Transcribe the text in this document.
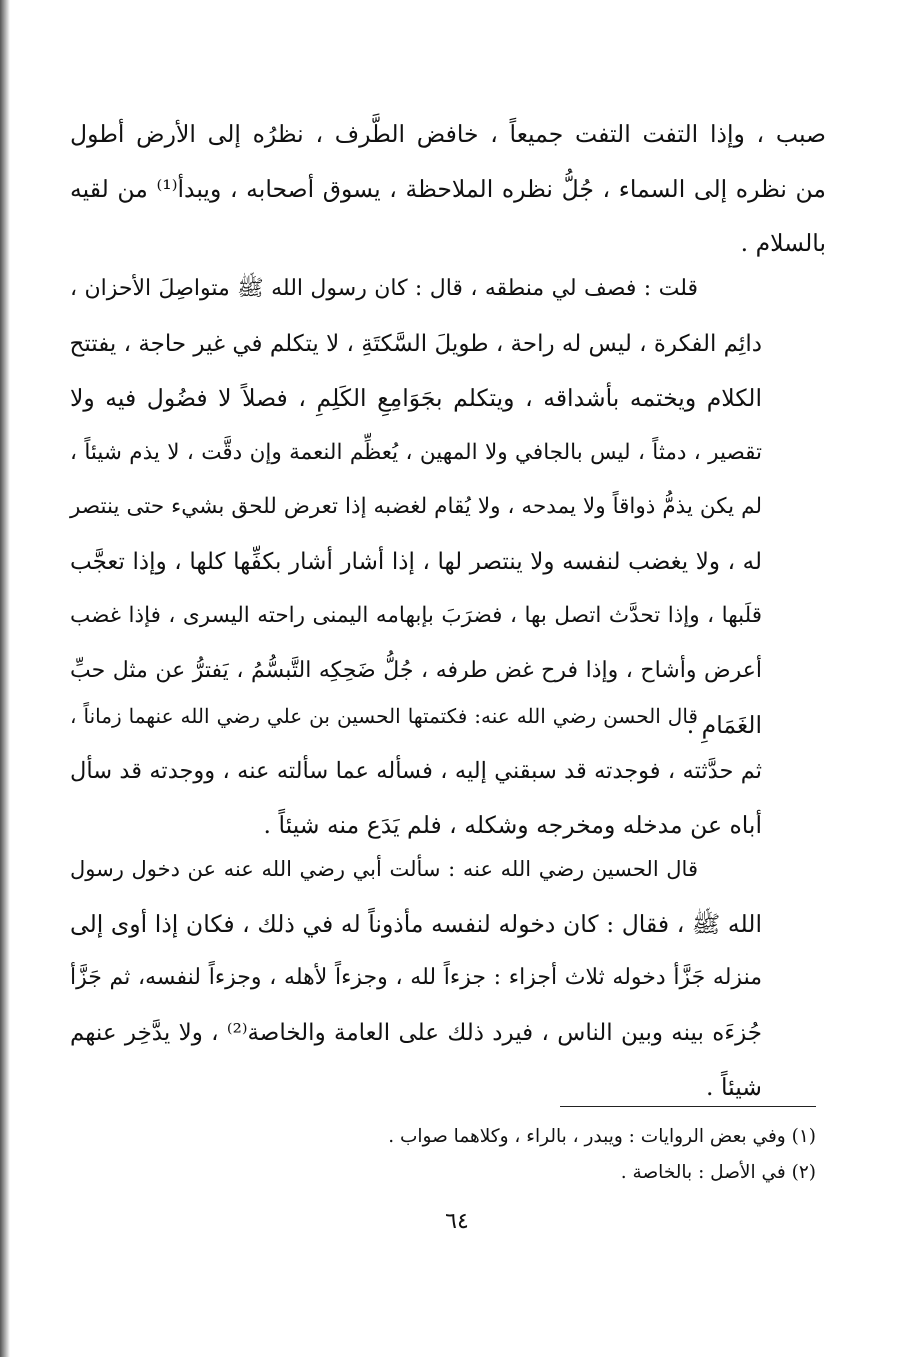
صبب ، وإذا التفت التفت جميعاً ، خافض الطَّرف ، نظرُه إلى الأرض أطول
من نظره إلى السماء ، جُلُّ نظره الملاحظة ، يسوق أصحابه ، ويبدأ⁽¹⁾ من لقيه
بالسلام .
قلت : فصف لي منطقه ، قال : كان رسول الله ﷺ متواصِلَ الأحزان ،
دائِم الفكرة ، ليس له راحة ، طويلَ السَّكتَةِ ، لا يتكلم في غير حاجة ، يفتتح
الكلام ويختمه بأشداقه ، ويتكلم بجَوَامِعِ الكَلِمِ ، فصلاً لا فضُول فيه ولا
تقصير ، دمثاً ، ليس بالجافي ولا المهين ، يُعظِّم النعمة وإن دقَّت ، لا يذم شيئاً ،
لم يكن يذمُّ ذواقاً ولا يمدحه ، ولا يُقام لغضبه إذا تعرض للحق بشيء حتى ينتصر
له ، ولا يغضب لنفسه ولا ينتصر لها ، إذا أشار أشار بكفِّها كلها ، وإذا تعجَّب
قلَبها ، وإذا تحدَّث اتصل بها ، فضرَبَ بإبهامه اليمنى راحته اليسرى ، فإذا غضب
أعرض وأشاح ، وإذا فرح غض طرفه ، جُلُّ ضَحِكِه التَّبسُّمُ ، يَفترُّ عن مثل حبِّ
الغَمَامِ .
قال الحسن رضي الله عنه: فكتمتها الحسين بن علي رضي الله عنهما زماناً ،
ثم حدَّثته ، فوجدته قد سبقني إليه ، فسأله عما سألته عنه ، ووجدته قد سأل
أباه عن مدخله ومخرجه وشكله ، فلم يَدَع منه شيئاً .
قال الحسين رضي الله عنه : سألت أبي رضي الله عنه عن دخول رسول
الله ﷺ ، فقال : كان دخوله لنفسه مأذوناً له في ذلك ، فكان إذا أوى إلى
منزله جَزَّأ دخوله ثلاث أجزاء : جزءاً لله ، وجزءاً لأهله ، وجزءاً لنفسه، ثم جَزَّأ
جُزءَه بينه وبين الناس ، فيرد ذلك على العامة والخاصة⁽²⁾ ، ولا يدَّخِر عنهم
شيئاً .
(١) وفي بعض الروايات : ويبدر ، بالراء ، وكلاهما صواب .
(٢) في الأصل : بالخاصة .
٦٤
